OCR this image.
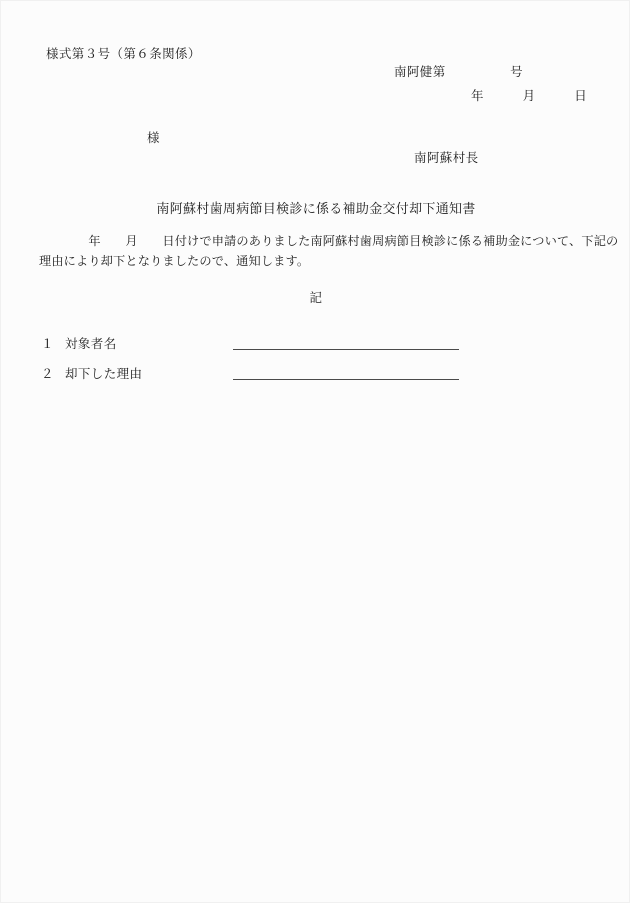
様式第３号（第６条関係）
南阿健第　　　　　号
年　　　月　　　日
様
南阿蘇村長
南阿蘇村歯周病節目検診に係る補助金交付却下通知書
　　　　年　　月　　日付けで申請のありました南阿蘇村歯周病節目検診に係る補助金について、下記の
理由により却下となりましたので、通知します。
記
１ 対象者名
２ 却下した理由
